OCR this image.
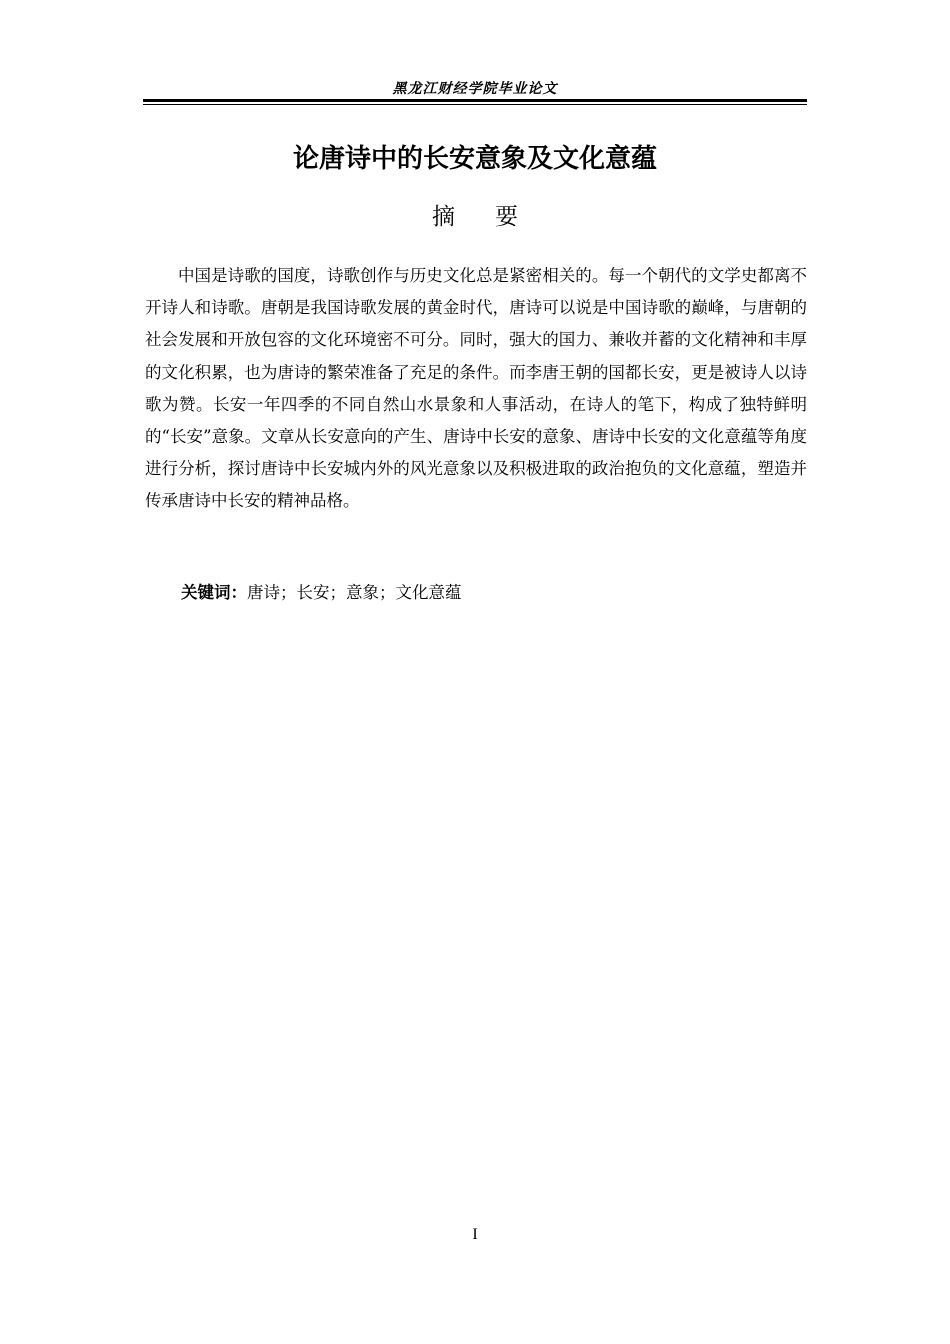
黑龙江财经学院毕业论文
论唐诗中的长安意象及文化意蕴
摘要

中国是诗歌的国度，诗歌创作与历史文化总是紧密相关的。每一个朝代的文学史都离不开诗人和诗歌。唐朝是我国诗歌发展的黄金时代，唐诗可以说是中国诗歌的巅峰，与唐朝的社会发展和开放包容的文化环境密不可分。同时，强大的国力、兼收并蓄的文化精神和丰厚的文化积累，也为唐诗的繁荣准备了充足的条件。而李唐王朝的国都长安，更是被诗人以诗歌为赞。长安一年四季的不同自然山水景象和人事活动，在诗人的笔下，构成了独特鲜明的“长安”意象。文章从长安意向的产生、唐诗中长安的意象、唐诗中长安的文化意蕴等角度进行分析，探讨唐诗中长安城内外的风光意象以及积极进取的政治抱负的文化意蕴，塑造并传承唐诗中长安的精神品格。

关键词：唐诗；长安；意象；文化意蕴
I
